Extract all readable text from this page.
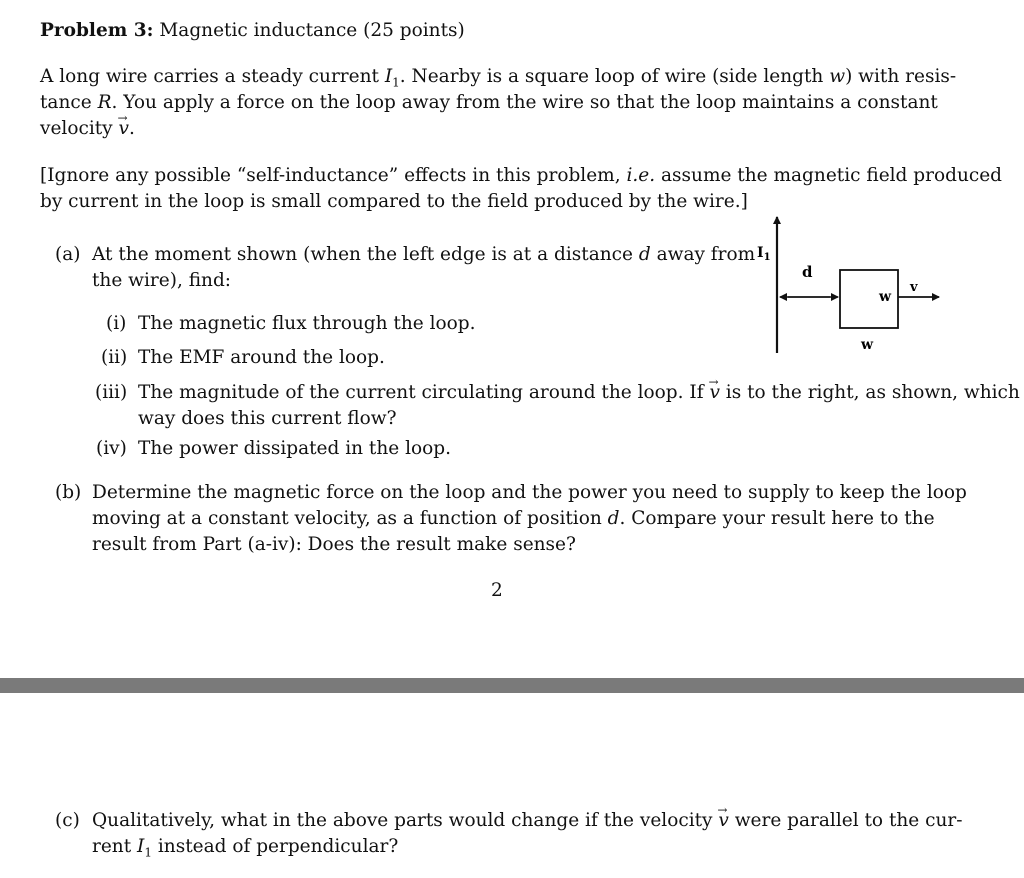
Problem 3: Magnetic inductance (25 points)
A long wire carries a steady current $I_1$. Nearby is a square loop of wire (side length w) with resis-
tance R. You apply a force on the loop away from the wire so that the loop maintains a constant
velocity → v.
[Ignore any possible “self-inductance” effects in this problem, i.e. assume the magnetic field produced
by current in the loop is small compared to the field produced by the wire.]
(a) At the moment shown (when the left edge is at a distance d away from
the wire), find:
(i) The magnetic flux through the loop.
(ii) The EMF around the loop.
(iii) The magnitude of the current circulating around the loop. If → v is to the right, as shown, which
way does this current flow?
(iv) The power dissipated in the loop.
(b) Determine the magnetic force on the loop and the power you need to supply to keep the loop
moving at a constant velocity, as a function of position d. Compare your result here to the
result from Part (a-iv): Does the result make sense?
2
$I_1$
d
w
w
v
(c) Qualitatively, what in the above parts would change if the velocity → v were parallel to the cur-
rent $I_1$ instead of perpendicular?
